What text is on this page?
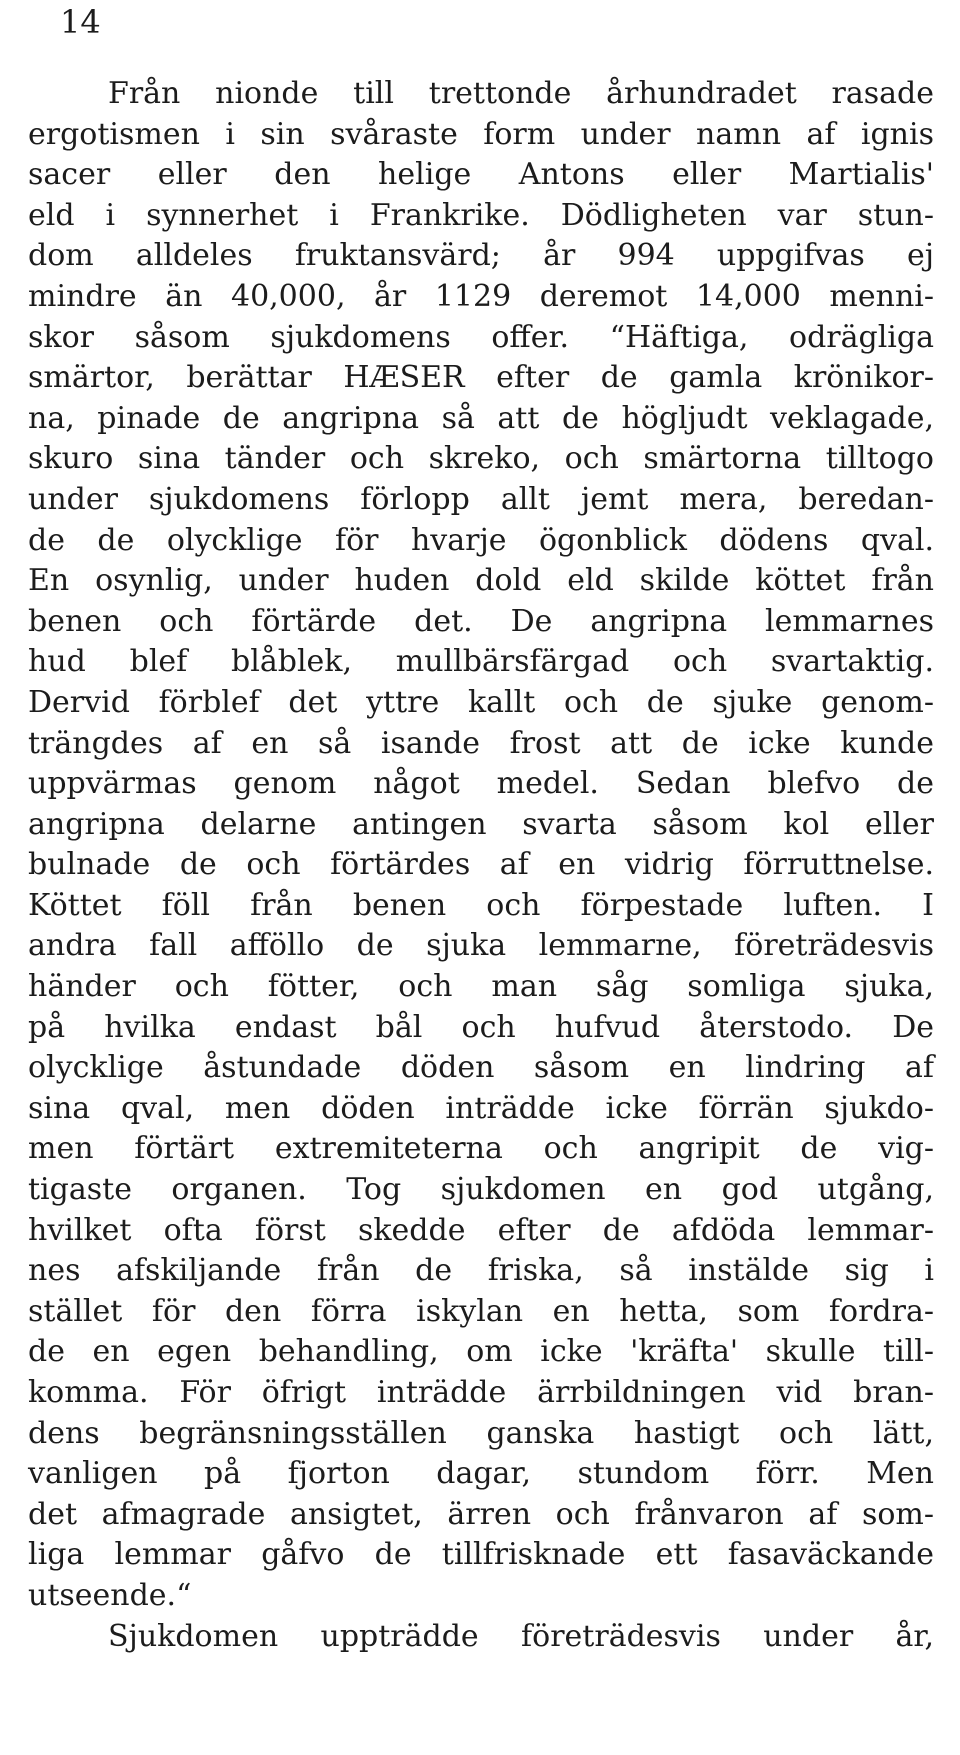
14
Från nionde till trettonde århundradet rasade
ergotismen i sin svåraste form under namn af ignis
sacer eller den helige Antons eller Martialis'
eld i synnerhet i Frankrike. Dödligheten var stun-
dom alldeles fruktansvärd; år 994 uppgifvas ej
mindre än 40,000, år 1129 deremot 14,000 menni-
skor såsom sjukdomens offer. “Häftiga, odrägliga
smärtor, berättar HÆSER efter de gamla krönikor-
na, pinade de angripna så att de högljudt veklagade,
skuro sina tänder och skreko, och smärtorna tilltogo
under sjukdomens förlopp allt jemt mera, beredan-
de de olycklige för hvarje ögonblick dödens qval.
En osynlig, under huden dold eld skilde köttet från
benen och förtärde det. De angripna lemmarnes
hud blef blåblek, mullbärsfärgad och svartaktig.
Dervid förblef det yttre kallt och de sjuke genom-
trängdes af en så isande frost att de icke kunde
uppvärmas genom något medel. Sedan blefvo de
angripna delarne antingen svarta såsom kol eller
bulnade de och förtärdes af en vidrig förruttnelse.
Köttet föll från benen och förpestade luften. I
andra fall afföllo de sjuka lemmarne, företrädesvis
händer och fötter, och man såg somliga sjuka,
på hvilka endast bål och hufvud återstodo. De
olycklige åstundade döden såsom en lindring af
sina qval, men döden inträdde icke förrän sjukdo-
men förtärt extremiteterna och angripit de vig-
tigaste organen. Tog sjukdomen en god utgång,
hvilket ofta först skedde efter de afdöda lemmar-
nes afskiljande från de friska, så instälde sig i
stället för den förra iskylan en hetta, som fordra-
de en egen behandling, om icke 'kräfta' skulle till-
komma. För öfrigt inträdde ärrbildningen vid bran-
dens begränsningsställen ganska hastigt och lätt,
vanligen på fjorton dagar, stundom förr. Men
det afmagrade ansigtet, ärren och frånvaron af som-
liga lemmar gåfvo de tillfrisknade ett fasaväckande
utseende.“
Sjukdomen uppträdde företrädesvis under år,
